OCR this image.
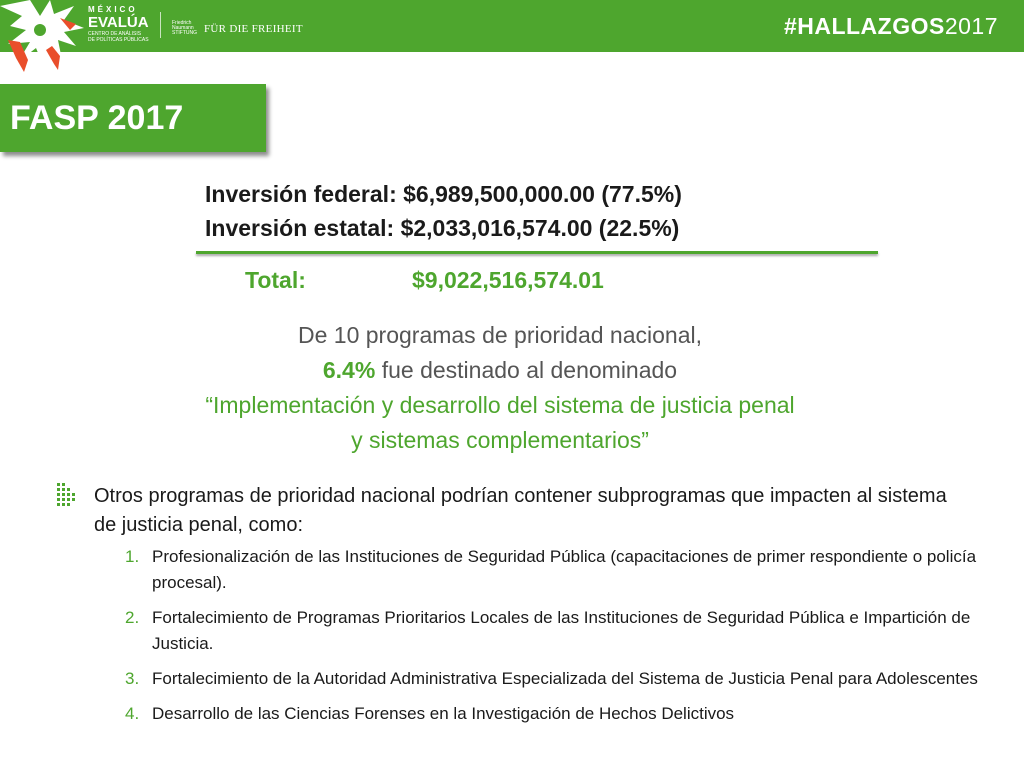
MÉXICO
EVALÚA
CENTRO DE ANÁLISIS
DE POLÍTICAS PÚBLICAS
Friedrich Naumann STIFTUNG FÜR DIE FREIHEIT	#HALLAZGOS2017
FASP 2017
Inversión federal: $6,989,500,000.00 (77.5%)
Inversión estatal: $2,033,016,574.00 (22.5%)
Total:	$9,022,516,574.01
De 10 programas de prioridad nacional,
6.4% fue destinado al denominado
“Implementación y desarrollo del sistema de justicia penal
y sistemas complementarios”
Otros programas de prioridad nacional podrían contener subprogramas que impacten al sistema de justicia penal, como:
1. Profesionalización de las Instituciones de Seguridad Pública (capacitaciones de primer respondiente o policía procesal).
2. Fortalecimiento de Programas Prioritarios Locales de las Instituciones de Seguridad Pública e Impartición de Justicia.
3. Fortalecimiento de la Autoridad Administrativa Especializada del Sistema de Justicia Penal para Adolescentes
4. Desarrollo de las Ciencias Forenses en la Investigación de Hechos Delictivos
